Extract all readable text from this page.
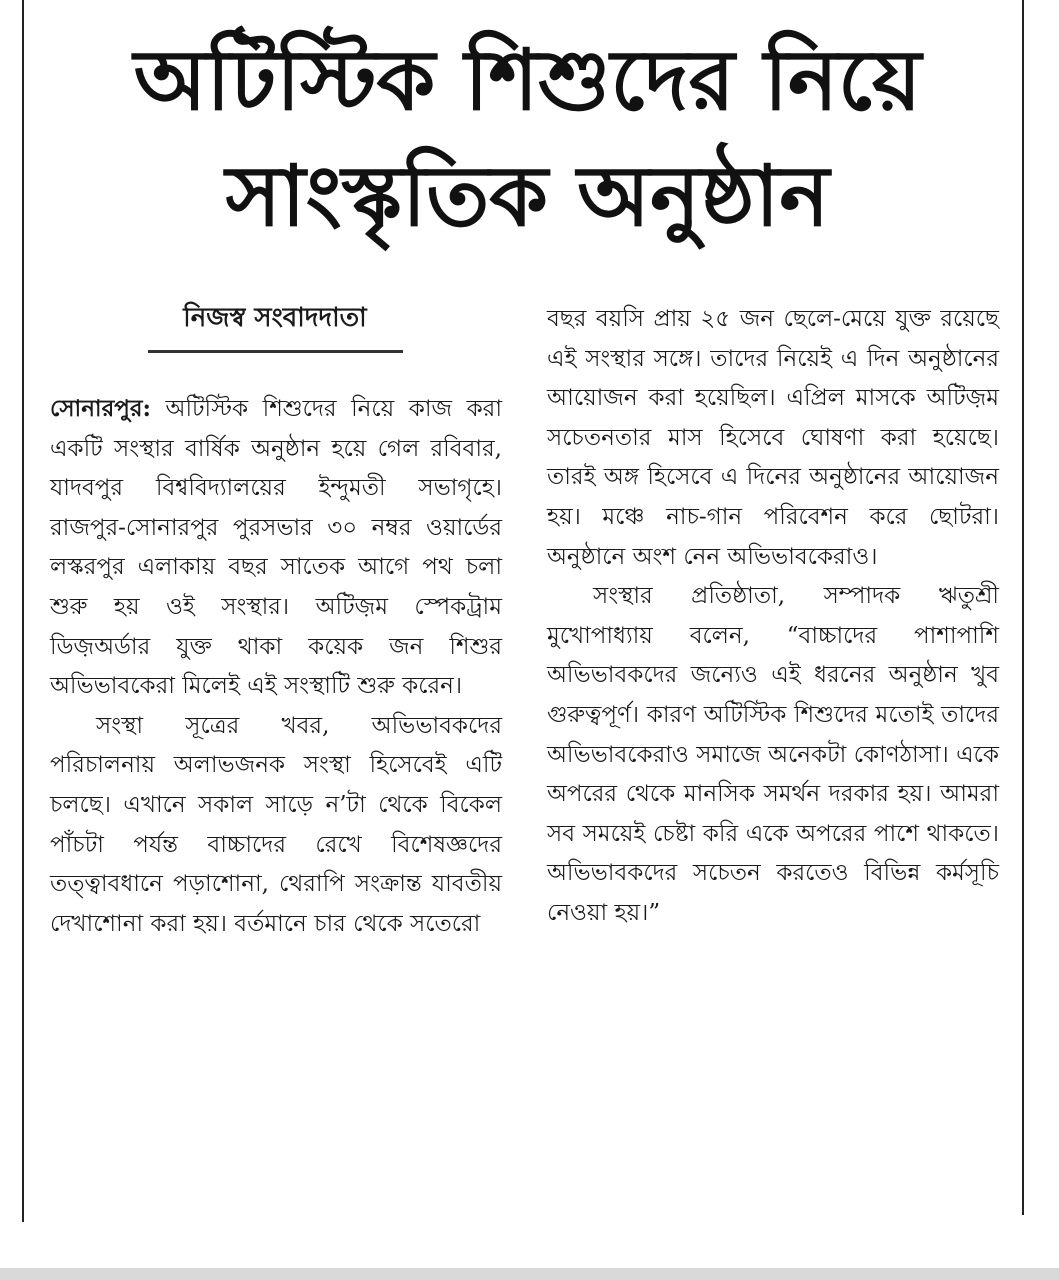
অটিস্টিক শিশুদের নিয়ে
সাংস্কৃতিক অনুষ্ঠান
নিজস্ব সংবাদদাতা

সোনারপুর: অটিস্টিক শিশুদের নিয়ে কাজ করা একটি সংস্থার বার্ষিক অনুষ্ঠান হয়ে গেল রবিবার, যাদবপুর বিশ্ববিদ্যালয়ের ইন্দুমতী সভাগৃহে। রাজপুর-সোনারপুর পুরসভার ৩০ নম্বর ওয়ার্ডের লস্করপুর এলাকায় বছর সাতেক আগে পথ চলা শুরু হয় ওই সংস্থার। অটিজ়ম স্পেকট্রাম ডিজ়অর্ডার যুক্ত থাকা কয়েক জন শিশুর অভিভাবকেরা মিলেই এই সংস্থাটি শুরু করেন।

সংস্থা সূত্রের খবর, অভিভাবকদের পরিচালনায় অলাভজনক সংস্থা হিসেবেই এটি চলছে। এখানে সকাল সাড়ে ন’টা থেকে বিকেল পাঁচটা পর্যন্ত বাচ্চাদের রেখে বিশেষজ্ঞদের তত্ত্বাবধানে পড়াশোনা, থেরাপি সংক্রান্ত যাবতীয় দেখাশোনা করা হয়। বর্তমানে চার থেকে সতেরো

বছর বয়সি প্রায় ২৫ জন ছেলে-মেয়ে যুক্ত রয়েছে এই সংস্থার সঙ্গে। তাদের নিয়েই এ দিন অনুষ্ঠানের আয়োজন করা হয়েছিল। এপ্রিল মাসকে অটিজ়ম সচেতনতার মাস হিসেবে ঘোষণা করা হয়েছে। তারই অঙ্গ হিসেবে এ দিনের অনুষ্ঠানের আয়োজন হয়। মঞ্চে নাচ-গান পরিবেশন করে ছোটরা। অনুষ্ঠানে অংশ নেন অভিভাবকেরাও।

সংস্থার প্রতিষ্ঠাতা, সম্পাদক ঋতুশ্রী মুখোপাধ্যায় বলেন, “বাচ্চাদের পাশাপাশি অভিভাবকদের জন্যেও এই ধরনের অনুষ্ঠান খুব গুরুত্বপূর্ণ। কারণ অটিস্টিক শিশুদের মতোই তাদের অভিভাবকেরাও সমাজে অনেকটা কোণঠাসা। একে অপরের থেকে মানসিক সমর্থন দরকার হয়। আমরা সব সময়েই চেষ্টা করি একে অপরের পাশে থাকতে। অভিভাবকদের সচেতন করতেও বিভিন্ন কর্মসূচি নেওয়া হয়।”
